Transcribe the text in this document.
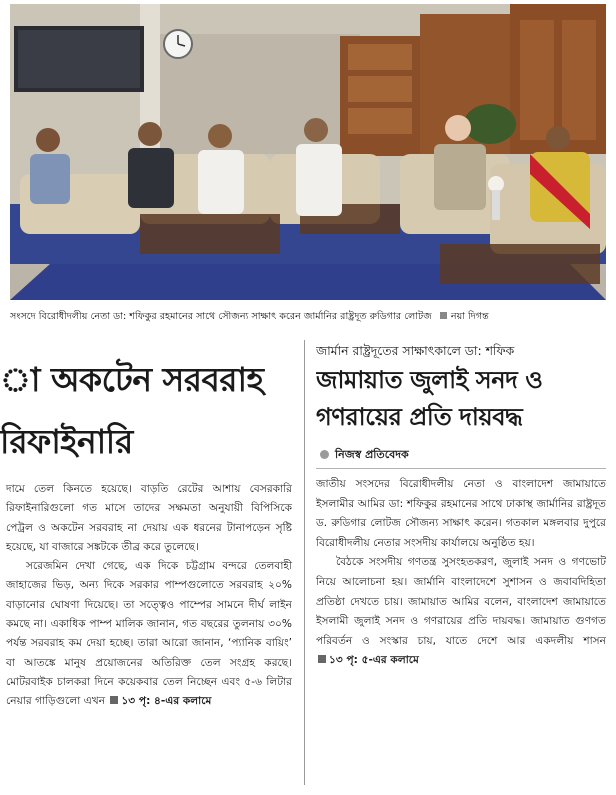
সংসদে বিরোধীদলীয় নেতা ডা: শফিকুর রহমানের সাথে সৌজন্য সাক্ষাৎ করেন জার্মানির রাষ্ট্রদূত রুডিগার লোটজ নয়া দিগন্ত
া অকটেন সরবরাহ
রিফাইনারি

দামে তেল কিনতে হয়েছে। বাড়তি রেটের আশায় বেসরকারি রিফাইনারিগুলো গত মাসে তাদের সক্ষমতা অনুযায়ী বিপিসিকে পেট্রল ও অকটেন সরবরাহ না দেয়ায় এক ধরনের টানাপড়েন সৃষ্টি হয়েছে, যা বাজারে সঙ্কটকে তীব্র করে তুলেছে।

সরেজমিন দেখা গেছে, এক দিকে চট্টগ্রাম বন্দরে তেলবাহী জাহাজের ভিড়, অন্য দিকে সরকার পাম্পগুলোতে সরবরাহ ২০% বাড়ানোর ঘোষণা দিয়েছে। তা সত্ত্বেও পাম্পের সামনে দীর্ঘ লাইন কমছে না। একাধিক পাম্প মালিক জানান, গত বছরের তুলনায় ৩০% পর্যন্ত সরবরাহ কম দেয়া হচ্ছে। তারা আরো জানান, ‘প্যানিক বায়িং’ বা আতঙ্কে মানুষ প্রয়োজনের অতিরিক্ত তেল সংগ্রহ করছে। মোটরবাইক চালকরা দিনে কয়েকবার তেল নিচ্ছেন এবং ৫-৬ লিটার নেয়ার গাড়িগুলো এখন ১৩ পৃ: ৪-এর কলামে

জার্মান রাষ্ট্রদূতের সাক্ষাৎকালে ডা: শফিক
জামায়াত জুলাই সনদ ও
গণরায়ের প্রতি দায়বদ্ধ
নিজস্ব প্রতিবেদক

জাতীয় সংসদের বিরোধীদলীয় নেতা ও বাংলাদেশ জামায়াতে ইসলামীর আমির ডা: শফিকুর রহমানের সাথে ঢাকাস্থ জার্মানির রাষ্ট্রদূত ড. রুডিগার লোটজ সৌজন্য সাক্ষাৎ করেন। গতকাল মঙ্গলবার দুপুরে বিরোধীদলীয় নেতার সংসদীয় কার্যালয়ে অনুষ্ঠিত হয়।

বৈঠকে সংসদীয় গণতন্ত্র সুসংহতকরণ, জুলাই সনদ ও গণভোট নিয়ে আলোচনা হয়। জার্মানি বাংলাদেশে সুশাসন ও জবাবদিহিতা প্রতিষ্ঠা দেখতে চায়। জামায়াত আমির বলেন, বাংলাদেশ জামায়াতে ইসলামী জুলাই সনদ ও গণরায়ের প্রতি দায়বদ্ধ। জামায়াত গুণগত পরিবর্তন ও সংস্কার চায়, যাতে দেশে আর একদলীয় শাসন ১৩ পৃ: ৫-এর কলামে
